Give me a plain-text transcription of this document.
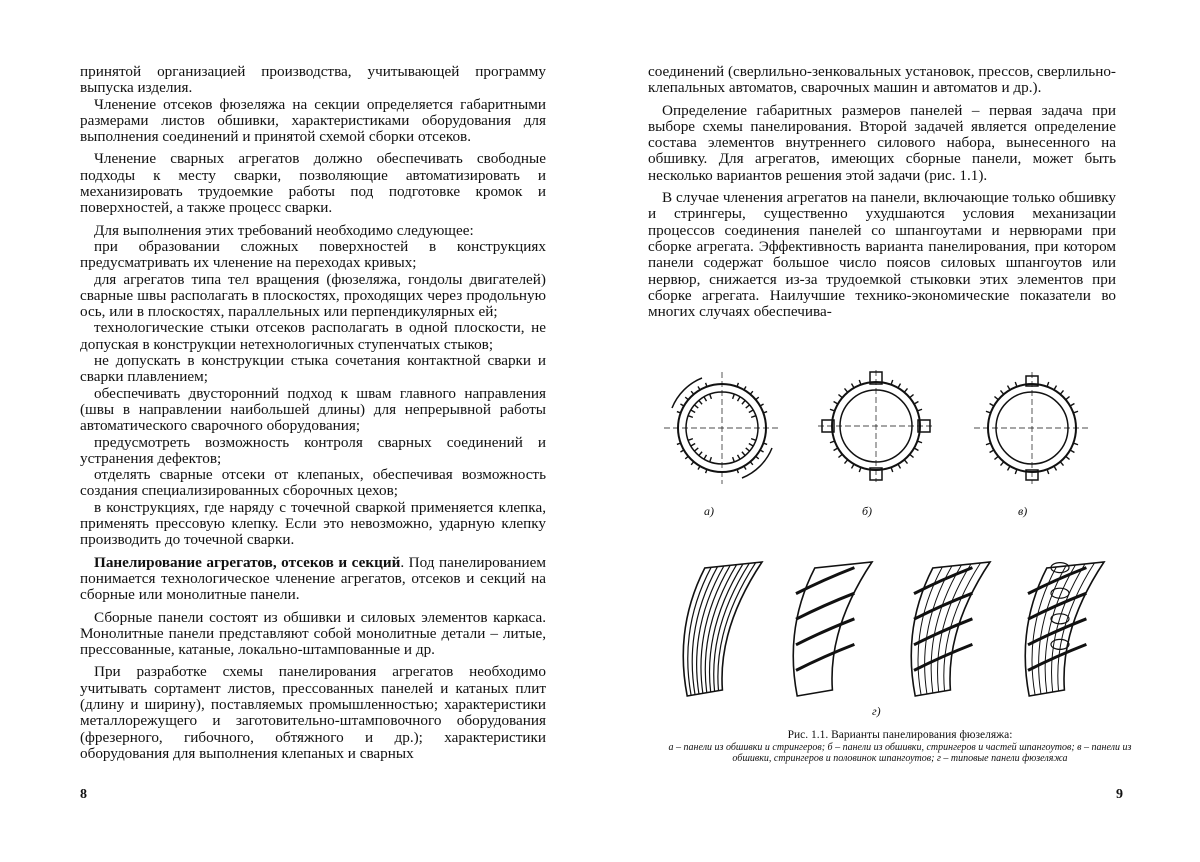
принятой организацией производства, учитывающей программу выпуска изделия.

Членение отсеков фюзеляжа на секции определяется габаритными размерами листов обшивки, характеристиками оборудования для выполнения соединений и принятой схемой сборки отсеков.

Членение сварных агрегатов должно обеспечивать свободные подходы к месту сварки, позволяющие автоматизировать и механизировать трудоемкие работы под подготовке кромок и поверхностей, а также процесс сварки.

Для выполнения этих требований необходимо следующее:

при образовании сложных поверхностей в конструкциях предусматривать их членение на переходах кривых;

для агрегатов типа тел вращения (фюзеляжа, гондолы двигателей) сварные швы располагать в плоскостях, проходящих через продольную ось, или в плоскостях, параллельных или перпендикулярных ей;

технологические стыки отсеков располагать в одной плоскости, не допуская в конструкции нетехнологичных ступенчатых стыков;

не допускать в конструкции стыка сочетания контактной сварки и сварки плавлением;

обеспечивать двусторонний подход к швам главного направления (швы в направлении наибольшей длины) для непрерывной работы автоматического сварочного оборудования;

предусмотреть возможность контроля сварных соединений и устранения дефектов;

отделять сварные отсеки от клепаных, обеспечивая возможность создания специализированных сборочных цехов;

в конструкциях, где наряду с точечной сваркой применяется клепка, применять прессовую клепку. Если это невозможно, ударную клепку производить до точечной сварки.

Панелирование агрегатов, отсеков и секций. Под панелированием понимается технологическое членение агрегатов, отсеков и секций на сборные или монолитные панели.

Сборные панели состоят из обшивки и силовых элементов каркаса. Монолитные панели представляют собой монолитные детали – литые, прессованные, катаные, локально-штампованные и др.

При разработке схемы панелирования агрегатов необходимо учитывать сортамент листов, прессованных панелей и катаных плит (длину и ширину), поставляемых промышленностью; характеристики металлорежущего и заготовительно-штамповочного оборудования (фрезерного, гибочного, обтяжного и др.); характеристики оборудования для выполнения клепаных и сварных

8

соединений (сверлильно-зенковальных установок, прессов, сверлильно-клепальных автоматов, сварочных машин и автоматов и др.).

Определение габаритных размеров панелей – первая задача при выборе схемы панелирования. Второй задачей является определение состава элементов внутреннего силового набора, вынесенного на обшивку. Для агрегатов, имеющих сборные панели, может быть несколько вариантов решения этой задачи (рис. 1.1).

В случае членения агрегатов на панели, включающие только обшивку и стрингеры, существенно ухудшаются условия механизации процессов соединения панелей со шпангоутами и нервюрами при сборке агрегата. Эффективность варианта панелирования, при котором панели содержат большое число поясов силовых шпангоутов или нервюр, снижается из-за трудоемкой стыковки этих элементов при сборке агрегата. Наилучшие технико-экономические показатели во многих случаях обеспечива-

а)	б)	в)
г)
Рис. 1.1. Варианты панелирования фюзеляжа:
а – панели из обшивки и стрингеров; б – панели из обшивки, стрингеров и частей шпангоутов; в – панели из обшивки, стрингеров и половинок шпангоутов; г – типовые панели фюзеляжа
9
